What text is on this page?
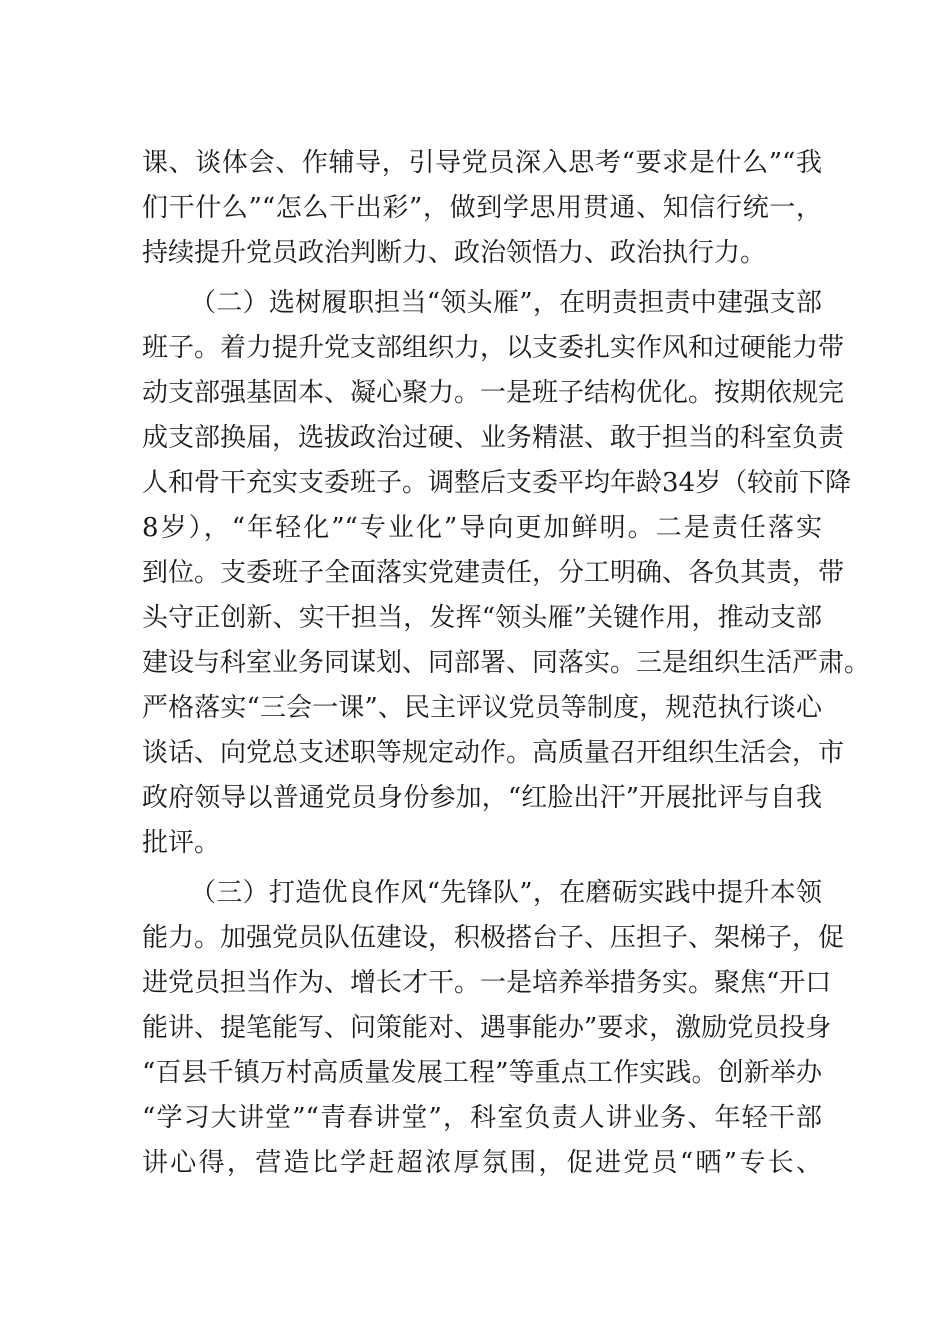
课、谈体会、作辅导，引导党员深入思考“要求是什么”“我
们干什么”“怎么干出彩”，做到学思用贯通、知信行统一，
持续提升党员政治判断力、政治领悟力、政治执行力。
（二）选树履职担当“领头雁”，在明责担责中建强支部
班子。着力提升党支部组织力，以支委扎实作风和过硬能力带
动支部强基固本、凝心聚力。一是班子结构优化。按期依规完
成支部换届，选拔政治过硬、业务精湛、敢于担当的科室负责
人和骨干充实支委班子。调整后支委平均年龄34岁（较前下降
8岁），“年轻化”“专业化”导向更加鲜明。二是责任落实
到位。支委班子全面落实党建责任，分工明确、各负其责，带
头守正创新、实干担当，发挥“领头雁”关键作用，推动支部
建设与科室业务同谋划、同部署、同落实。三是组织生活严肃。
严格落实“三会一课”、民主评议党员等制度，规范执行谈心
谈话、向党总支述职等规定动作。高质量召开组织生活会，市
政府领导以普通党员身份参加，“红脸出汗”开展批评与自我
批评。
（三）打造优良作风“先锋队”，在磨砺实践中提升本领
能力。加强党员队伍建设，积极搭台子、压担子、架梯子，促
进党员担当作为、增长才干。一是培养举措务实。聚焦“开口
能讲、提笔能写、问策能对、遇事能办”要求，激励党员投身
“百县千镇万村高质量发展工程”等重点工作实践。创新举办
“学习大讲堂”“青春讲堂”，科室负责人讲业务、年轻干部
讲心得，营造比学赶超浓厚氛围，促进党员“晒”专长、
